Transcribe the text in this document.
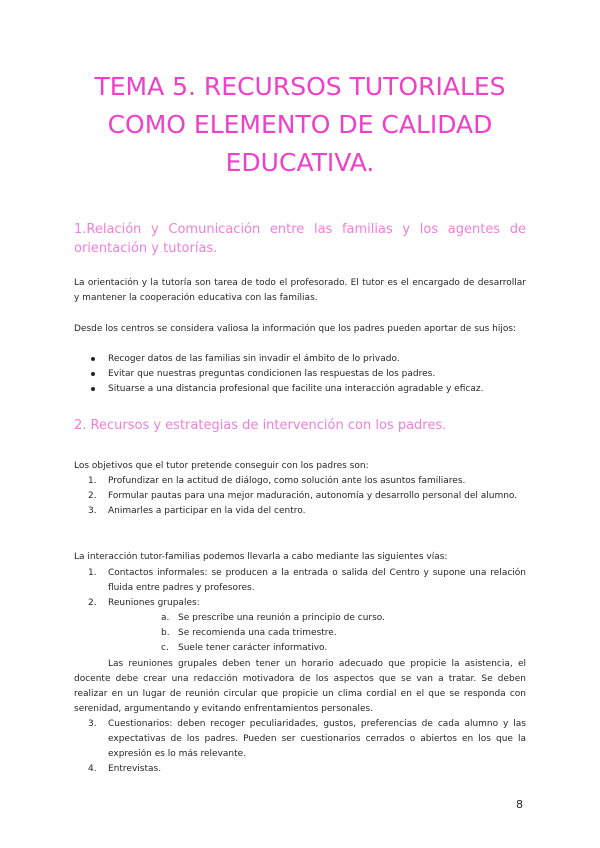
TEMA 5. RECURSOS TUTORIALES
COMO ELEMENTO DE CALIDAD
EDUCATIVA.
1.Relación y Comunicación entre las familias y los agentes de
orientación y tutorías.

La orientación y la tutoría son tarea de todo el profesorado. El tutor es el encargado de desarrollar y mantener la cooperación educativa con las familias.

Desde los centros se considera valiosa la información que los padres pueden aportar de sus hijos:

Recoger datos de las familias sin invadir el ámbito de lo privado.
Evitar que nuestras preguntas condicionen las respuestas de los padres.
Situarse a una distancia profesional que facilite una interacción agradable y eficaz.
2. Recursos y estrategias de intervención con los padres.

Los objetivos que el tutor pretende conseguir con los padres son:

1. Profundizar en la actitud de diálogo, como solución ante los asuntos familiares.
2. Formular pautas para una mejor maduración, autonomía y desarrollo personal del alumno.
3. Animarles a participar en la vida del centro.

La interacción tutor-familias podemos llevarla a cabo mediante las siguientes vías:

1. Contactos informales: se producen a la entrada o salida del Centro y supone una relación fluida entre padres y profesores.
2. Reuniones grupales:
a. Se prescribe una reunión a principio de curso.
b. Se recomienda una cada trimestre.
c. Suele tener carácter informativo.

Las reuniones grupales deben tener un horario adecuado que propicie la asistencia, el docente debe crear una redacción motivadora de los aspectos que se van a tratar. Se deben realizar en un lugar de reunión circular que propicie un clima cordial en el que se responda con serenidad, argumentando y evitando enfrentamientos personales.

3. Cuestionarios: deben recoger peculiaridades, gustos, preferencias de cada alumno y las expectativas de los padres. Pueden ser cuestionarios cerrados o abiertos en los que la expresión es lo más relevante.
4. Entrevistas.
8
